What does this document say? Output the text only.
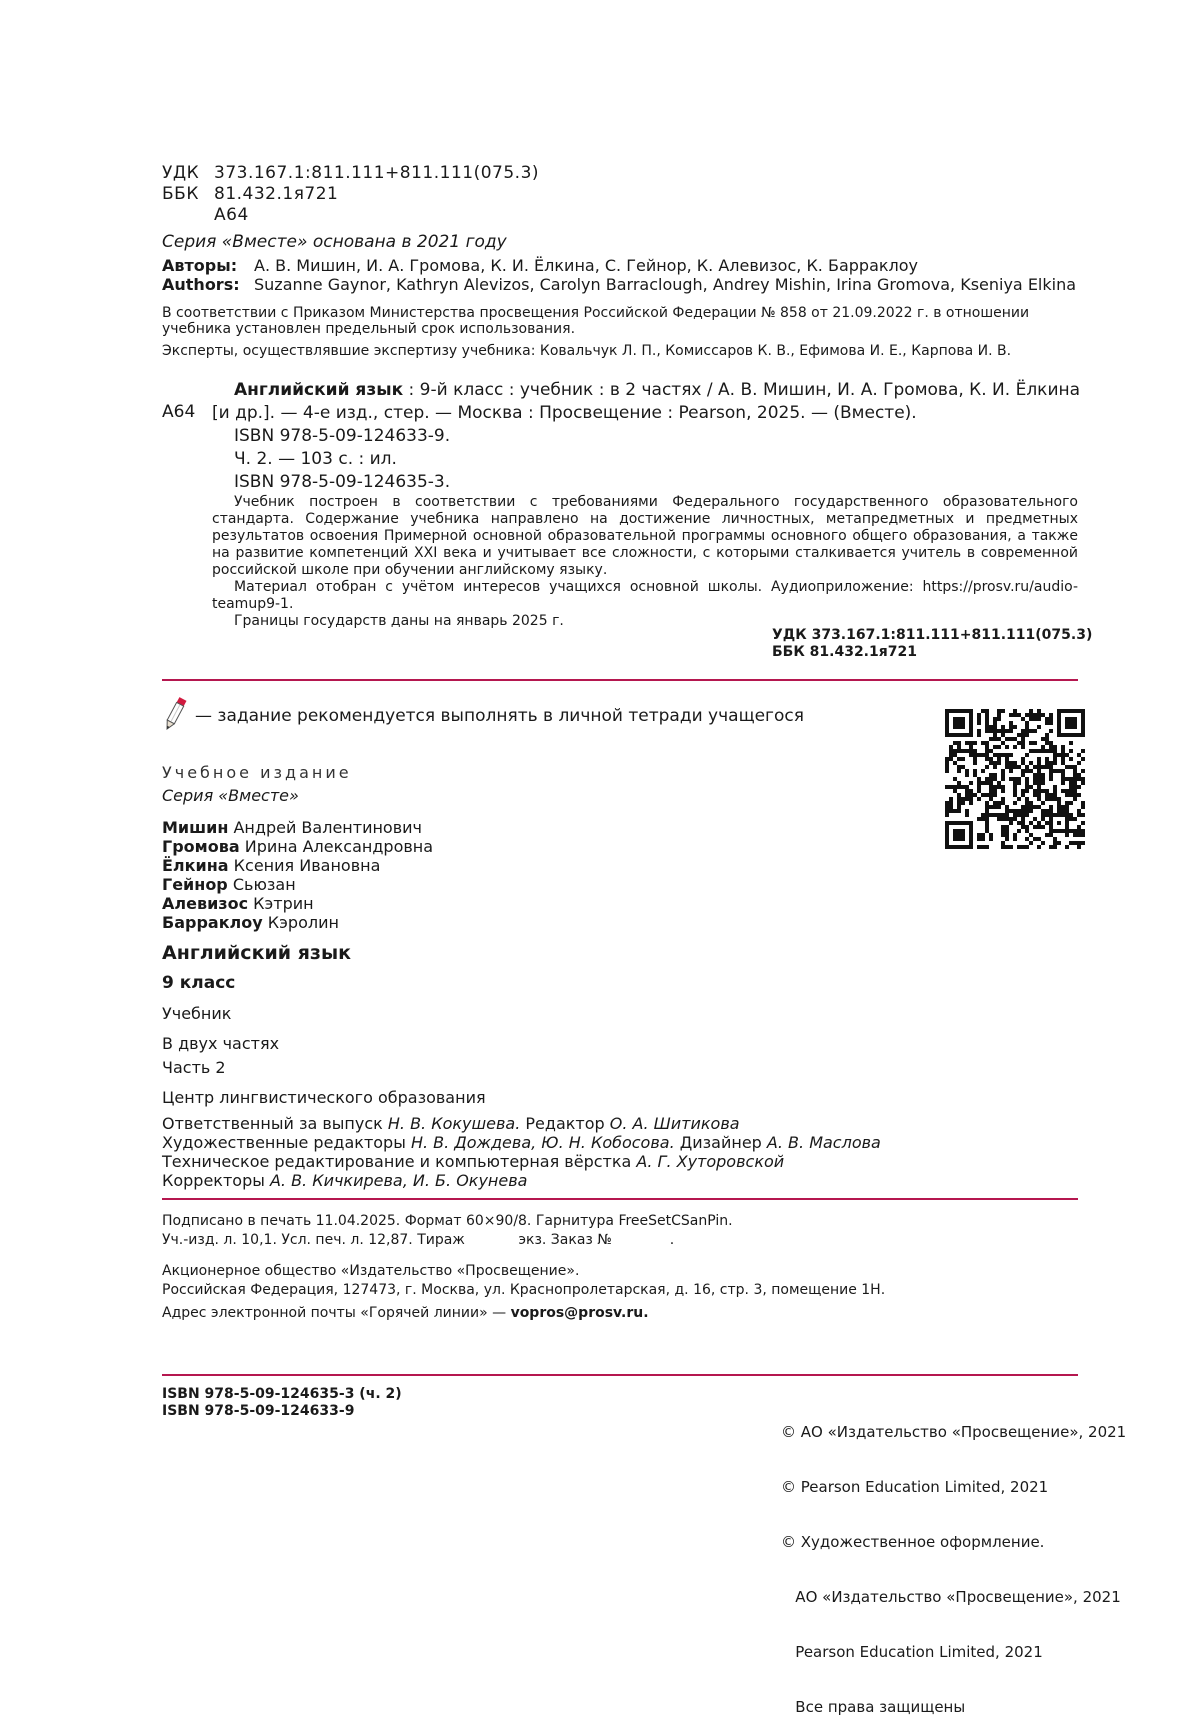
УДК 373.167.1:811.111+811.111(075.3)
ББК 81.432.1я721
А64
Серия «Вместе» основана в 2021 году
Авторы: А. В. Мишин, И. А. Громова, К. И. Ёлкина, С. Гейнор, К. Алевизос, К. Барраклоу
Authors: Suzanne Gaynor, Kathryn Alevizos, Carolyn Barraclough, Andrey Mishin, Irina Gromova, Kseniya Elkina
В соответствии с Приказом Министерства просвещения Российской Федерации № 858 от 21.09.2022 г. в отношении учебника установлен предельный срок использования.
Эксперты, осуществлявшие экспертизу учебника: Ковальчук Л. П., Комиссаров К. В., Ефимова И. Е., Карпова И. В.
А64
Английский язык : 9-й класс : учебник : в 2 частях / А. В. Мишин, И. А. Громова, К. И. Ёлкина
[и др.]. — 4-е изд., стер. — Москва : Просвещение : Pearson, 2025. — (Вместе).
ISBN 978-5-09-124633-9.
Ч. 2. — 103 с. : ил.
ISBN 978-5-09-124635-3.

Учебник построен в соответствии с требованиями Федерального государственного образовательного стандарта. Содержание учебника направлено на достижение личностных, метапредметных и предметных результатов освоения Примерной основной образовательной программы основного общего образования, а также на развитие компетенций XXI века и учитывает все сложности, с которыми сталкивается учитель в современной российской школе при обучении английскому языку.

Материал отобран с учётом интересов учащихся основной школы. Аудиоприложение: https://prosv.ru/audio-teamup9-1.

Границы государств даны на январь 2025 г.

УДК 373.167.1:811.111+811.111(075.3)
ББК 81.432.1я721
— задание рекомендуется выполнять в личной тетради учащегося
Учебное издание
Серия «Вместе»
Мишин Андрей Валентинович
Громова Ирина Александровна
Ёлкина Ксения Ивановна
Гейнор Сьюзан
Алевизос Кэтрин
Барраклоу Кэролин
Английский язык
9 класс
Учебник
В двух частях
Часть 2
Центр лингвистического образования
Ответственный за выпуск Н. В. Кокушева. Редактор О. А. Шитикова
Художественные редакторы Н. В. Дождева, Ю. Н. Кобосова. Дизайнер А. В. Маслова
Техническое редактирование и компьютерная вёрстка А. Г. Хуторовской
Корректоры А. В. Кичкирева, И. Б. Окунева
Подписано в печать 11.04.2025. Формат 60×90/8. Гарнитура FreeSetCSanPin.
Уч.-изд. л. 10,1. Усл. печ. л. 12,87. Тираж            экз. Заказ №             .
Акционерное общество «Издательство «Просвещение».
Российская Федерация, 127473, г. Москва, ул. Краснопролетарская, д. 16, стр. 3, помещение 1Н.
Адрес электронной почты «Горячей линии» — vopros@prosv.ru.
ISBN 978-5-09-124635-3 (ч. 2)
ISBN 978-5-09-124633-9

© АО «Издательство «Просвещение», 2021

© Pearson Education Limited, 2021

© Художественное оформление.

АО «Издательство «Просвещение», 2021

Pearson Education Limited, 2021

Все права защищены
